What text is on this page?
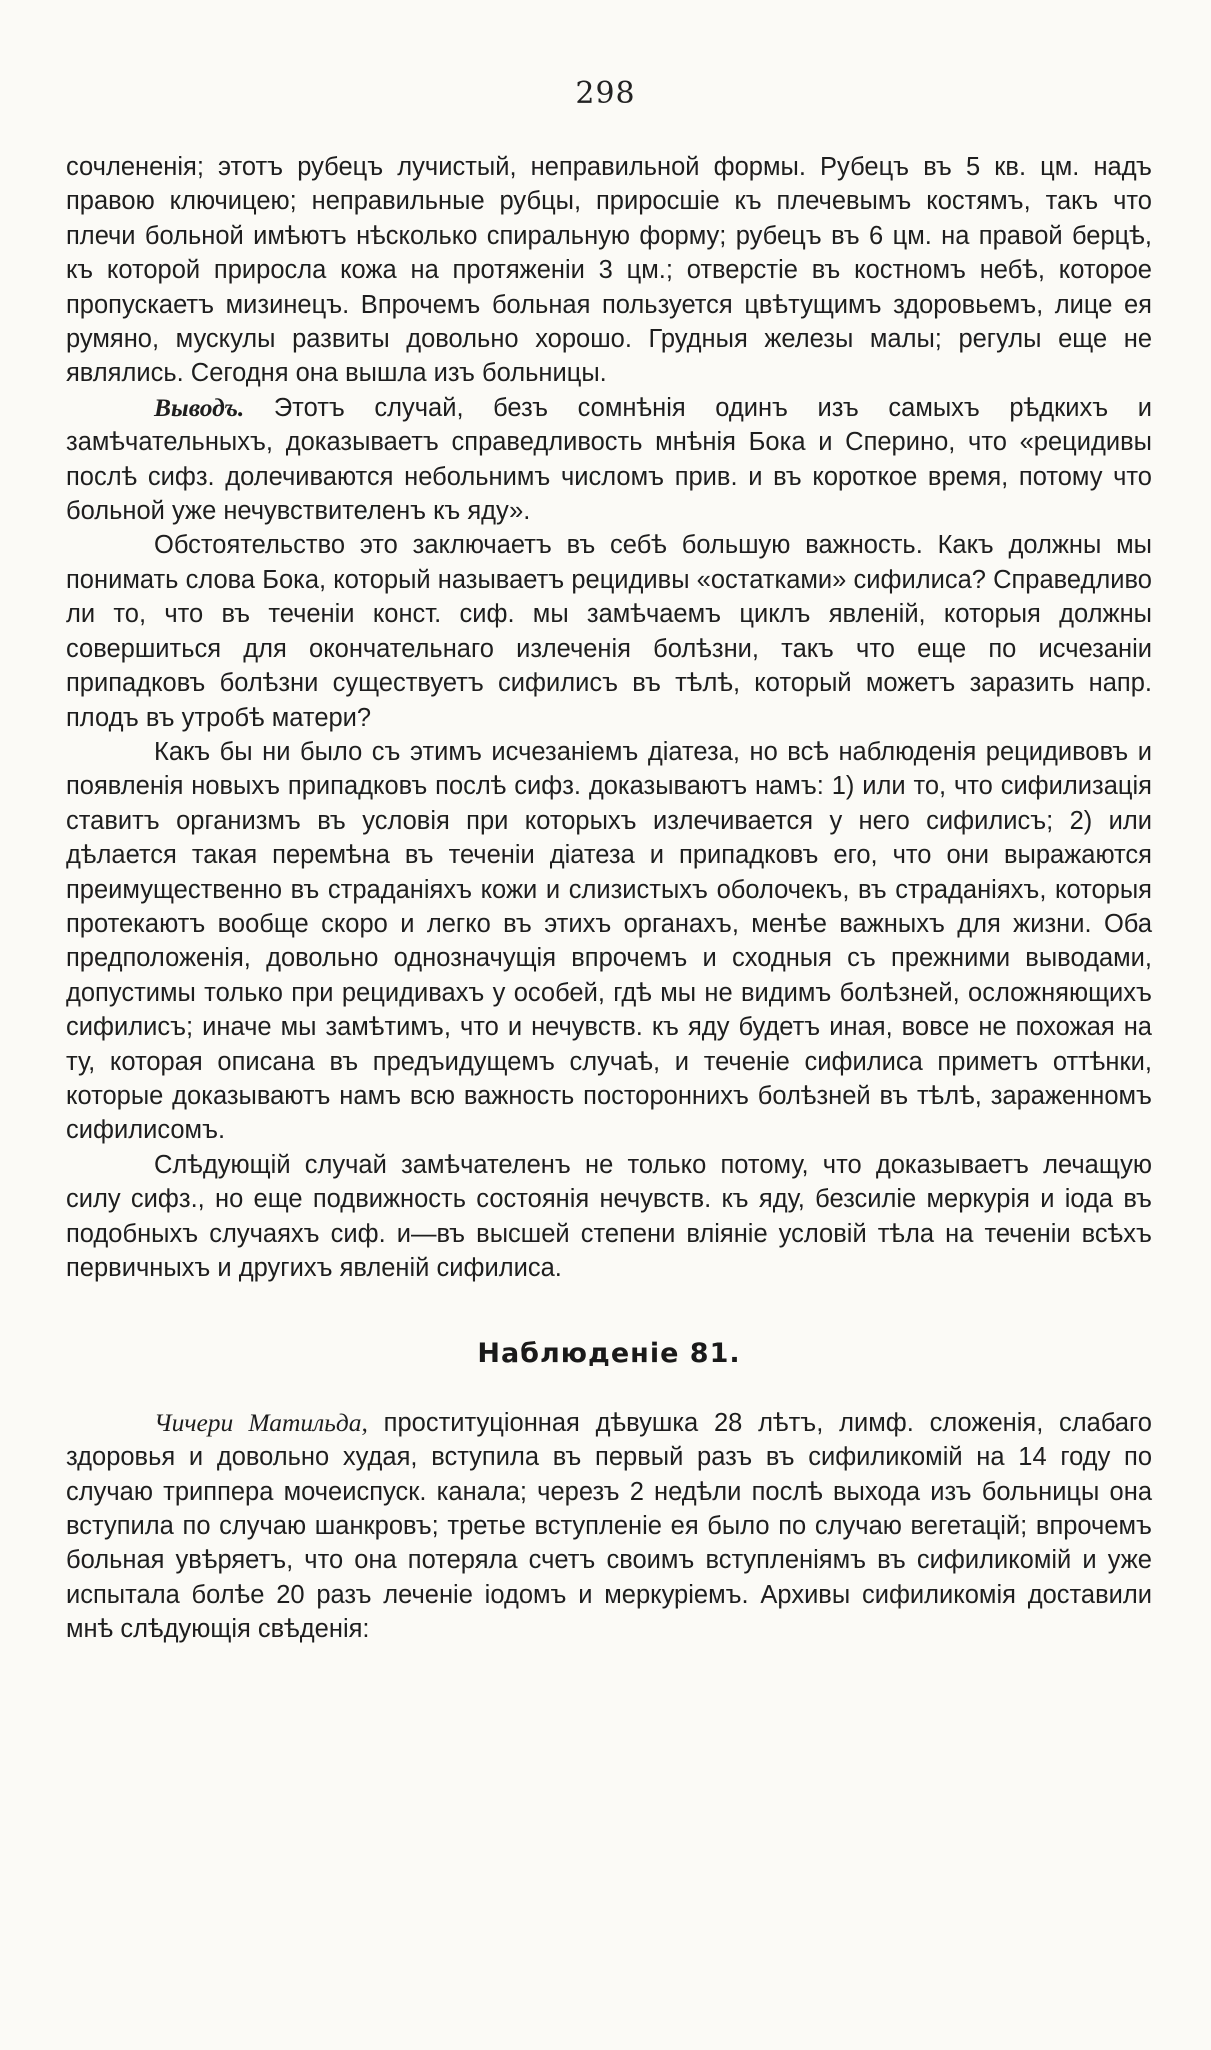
298

сочлененія; этотъ рубецъ лучистый, неправильной формы. Рубецъ въ 5 кв. цм. надъ правою ключицею; неправильные рубцы, приросшіе къ плечевымъ костямъ, такъ что плечи больной имѣютъ нѣсколько спиральную форму; рубецъ въ 6 цм. на правой берцѣ, къ которой приросла кожа на протяженіи 3 цм.; отверстіе въ костномъ небѣ, которое пропускаетъ мизинецъ. Впрочемъ больная пользуется цвѣтущимъ здоровьемъ, лице ея румяно, мускулы развиты довольно хорошо. Грудныя железы малы; регулы еще не являлись. Сегодня она вышла изъ больницы.

Выводъ. Этотъ случай, безъ сомнѣнія одинъ изъ самыхъ рѣдкихъ и замѣчательныхъ, доказываетъ справедливость мнѣнія Бока и Сперино, что «рецидивы послѣ сифз. долечиваются небольнимъ числомъ прив. и въ короткое время, потому что больной уже нечувствителенъ къ яду».

Обстоятельство это заключаетъ въ себѣ большую важность. Какъ должны мы понимать слова Бока, который называетъ рецидивы «остатками» сифилиса? Справедливо ли то, что въ теченіи конст. сиф. мы замѣчаемъ циклъ явленій, которыя должны совершиться для окончательнаго излеченія болѣзни, такъ что еще по исчезаніи припадковъ болѣзни существуетъ сифилисъ въ тѣлѣ, который можетъ заразить напр. плодъ въ утробѣ матери?

Какъ бы ни было съ этимъ исчезаніемъ діатеза, но всѣ наблюденія рецидивовъ и появленія новыхъ припадковъ послѣ сифз. доказываютъ намъ: 1) или то, что сифилизація ставитъ организмъ въ условія при которыхъ излечивается у него сифилисъ; 2) или дѣлается такая перемѣна въ теченіи діатеза и припадковъ его, что они выражаются преимущественно въ страданіяхъ кожи и слизистыхъ оболочекъ, въ страданіяхъ, которыя протекаютъ вообще скоро и легко въ этихъ органахъ, менѣе важныхъ для жизни. Оба предположенія, довольно однозначущія впрочемъ и сходныя съ прежними выводами, допустимы только при рецидивахъ у особей, гдѣ мы не видимъ болѣзней, осложняющихъ сифилисъ; иначе мы замѣтимъ, что и нечувств. къ яду будетъ иная, вовсе не похожая на ту, которая описана въ предъидущемъ случаѣ, и теченіе сифилиса приметъ оттѣнки, которые доказываютъ намъ всю важность постороннихъ болѣзней въ тѣлѣ, зараженномъ сифилисомъ.

Слѣдующій случай замѣчателенъ не только потому, что доказываетъ лечащую силу сифз., но еще подвижность состоянія нечувств. къ яду, безсиліе меркурія и іода въ подобныхъ случаяхъ сиф. и—въ высшей степени вліяніе условій тѣла на теченіи всѣхъ первичныхъ и другихъ явленій сифилиса.

Наблюденіе 81.

Чичери Матильда, проституціонная дѣвушка 28 лѣтъ, лимф. сложенія, слабаго здоровья и довольно худая, вступила въ первый разъ въ сифиликомій на 14 году по случаю триппера мочеиспуск. канала; черезъ 2 недѣли послѣ выхода изъ больницы она вступила по случаю шанкровъ; третье вступленіе ея было по случаю вегетацій; впрочемъ больная увѣряетъ, что она потеряла счетъ своимъ вступленіямъ въ сифиликомій и уже испытала болѣе 20 разъ леченіе іодомъ и меркуріемъ. Архивы сифиликомія доставили мнѣ слѣдующія свѣденія:
